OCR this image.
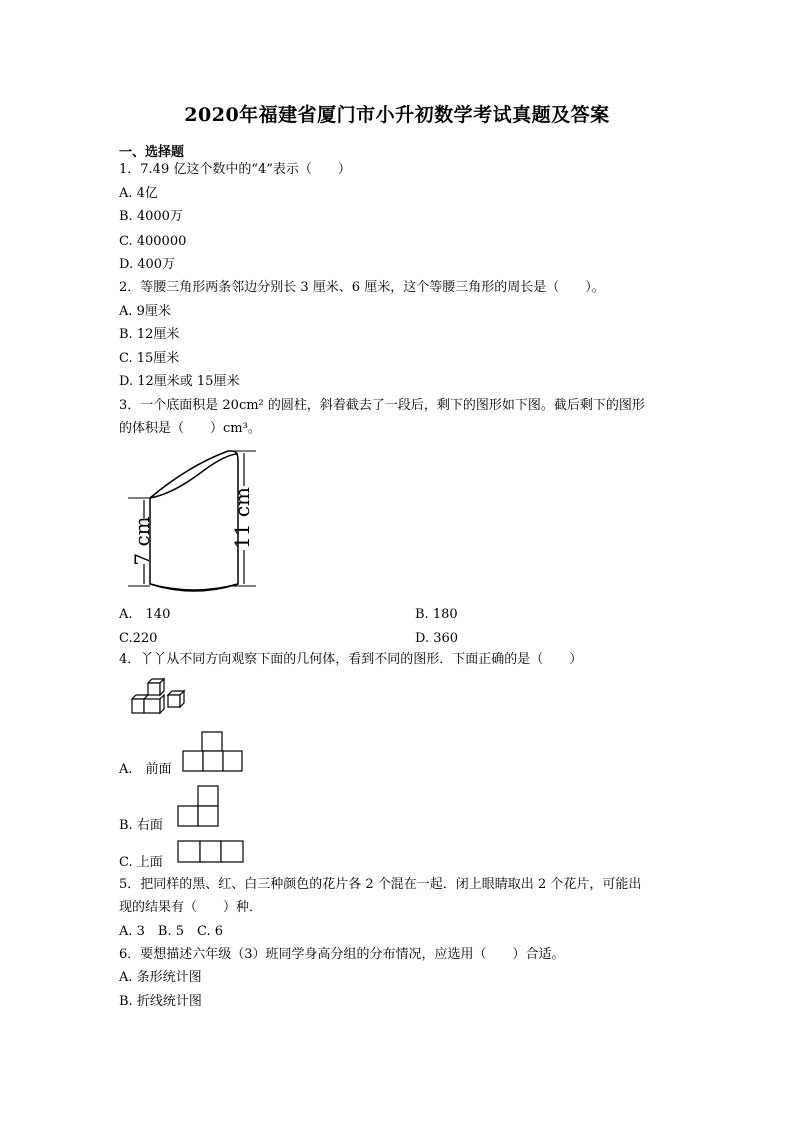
2020年福建省厦门市小升初数学考试真题及答案
一、选择题
1．7.49 亿这个数中的“4”表示（　　）
A. 4亿
B. 4000万
C. 400000
D. 400万
2．等腰三角形两条邻边分别长 3 厘米、6 厘米，这个等腰三角形的周长是（　　）。
A. 9厘米
B. 12厘米
C. 15厘米
D. 12厘米或 15厘米
3．一个底面积是 20cm² 的圆柱，斜着截去了一段后，剩下的图形如下图。截后剩下的图形
的体积是（　　）cm³。
7 cm	11 cm
A.　140	B. 180
C.220	D. 360
4．丫丫从不同方向观察下面的几何体，看到不同的图形．下面正确的是（　　）
A.　前面
B. 右面
C. 上面
5．把同样的黑、红、白三种颜色的花片各 2 个混在一起．闭上眼睛取出 2 个花片，可能出
现的结果有（　　）种．
A. 3　B. 5　C. 6
6．要想描述六年级（3）班同学身高分组的分布情况，应选用（　　）合适。
A. 条形统计图
B. 折线统计图
